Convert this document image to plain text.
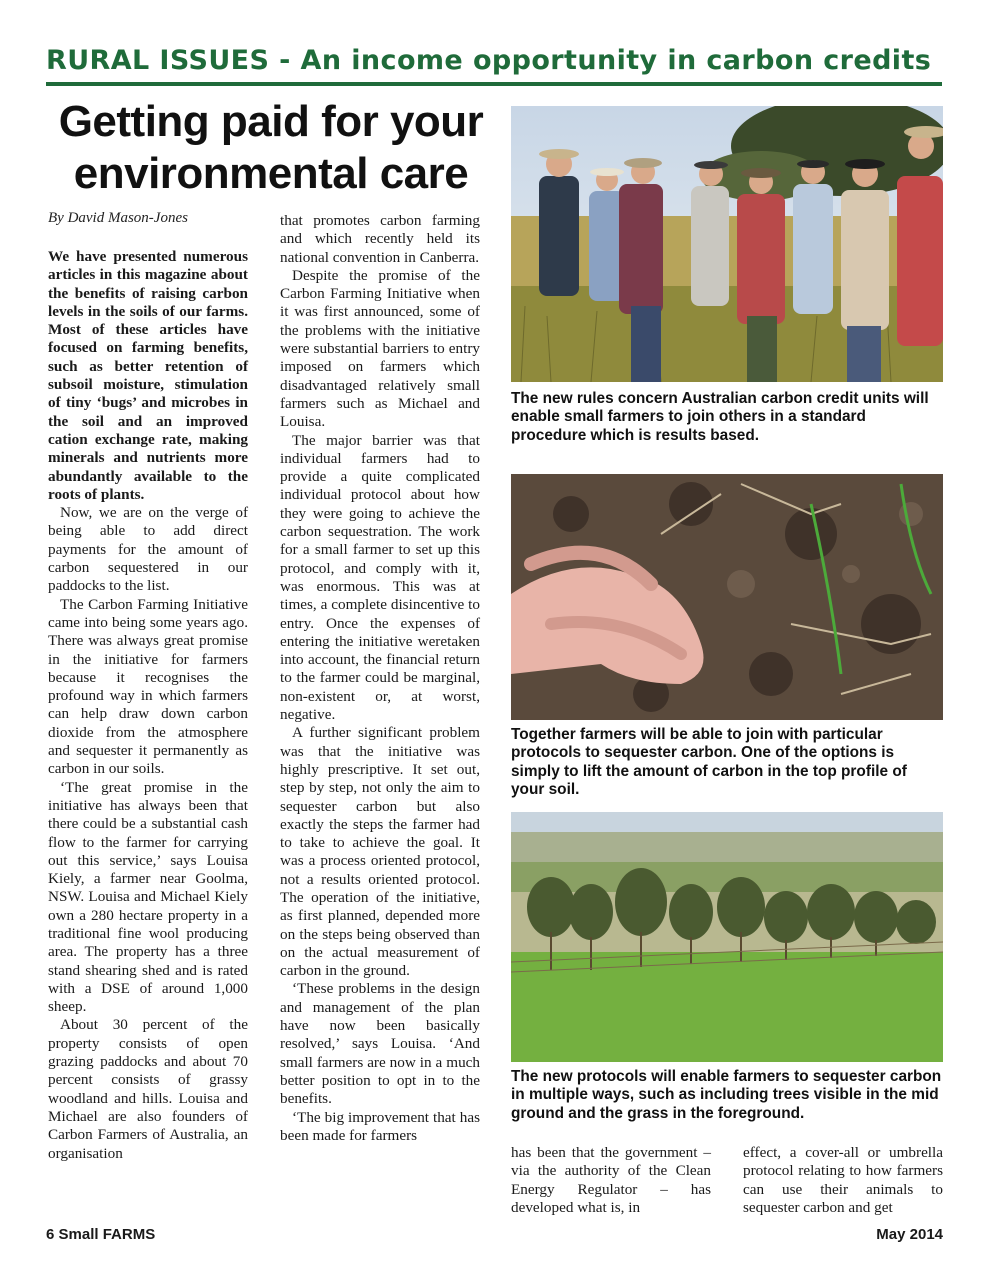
RURAL ISSUES - An income opportunity in carbon credits
Getting paid for your environmental care
By David Mason-Jones

We have presented numerous articles in this magazine about the benefits of raising carbon levels in the soils of our farms. Most of these articles have focused on farming benefits, such as better retention of subsoil moisture, stimulation of tiny ‘bugs’ and microbes in the soil and an improved cation exchange rate, making minerals and nutrients more abundantly available to the roots of plants.

Now, we are on the verge of being able to add direct payments for the amount of carbon sequestered in our paddocks to the list.

The Carbon Farming Initiative came into being some years ago. There was always great promise in the initiative for farmers because it recognises the profound way in which farmers can help draw down carbon dioxide from the atmosphere and sequester it permanently as carbon in our soils.

‘The great promise in the initiative has always been that there could be a substantial cash flow to the farmer for carrying out this service,’ says Louisa Kiely, a farmer near Goolma, NSW. Louisa and Michael Kiely own a 280 hectare property in a traditional fine wool producing area. The property has a three stand shearing shed and is rated with a DSE of around 1,000 sheep.

About 30 percent of the property consists of open grazing paddocks and about 70 percent consists of grassy woodland and hills. Louisa and Michael are also founders of Carbon Farmers of Australia, an organisation

that promotes carbon farming and which recently held its national convention in Canberra.

Despite the promise of the Carbon Farming Initiative when it was first announced, some of the problems with the initiative were substantial barriers to entry imposed on farmers which disadvantaged relatively small farmers such as Michael and Louisa.

The major barrier was that individual farmers had to provide a quite complicated individual protocol about how they were going to achieve the carbon sequestration. The work for a small farmer to set up this protocol, and comply with it, was enormous. This was at times, a complete disincentive to entry. Once the expenses of entering the initiative weretaken into account, the financial return to the farmer could be marginal, non-existent or, at worst, negative.

A further significant problem was that the initiative was highly prescriptive. It set out, step by step, not only the aim to sequester carbon but also exactly the steps the farmer had to take to achieve the goal. It was a process oriented protocol, not a results oriented protocol. The operation of the initiative, as first planned, depended more on the steps being observed than on the actual measurement of carbon in the ground.

‘These problems in the design and management of the plan have now been basically resolved,’ says Louisa. ‘And small farmers are now in a much better position to opt in to the benefits.

‘The big improvement that has been made for farmers

The new rules concern Australian carbon credit units will enable small farmers to join others in a standard procedure which is results based.
Together farmers will be able to join with particular protocols to sequester carbon. One of the options is simply to lift the amount of carbon in the top profile of your soil.
The new protocols will enable farmers to sequester carbon in multiple ways, such as including trees visible in the mid ground and the grass in the foreground.

has been that the government – via the authority of the Clean Energy Regulator – has developed what is, in

effect, a cover-all or umbrella protocol relating to how farmers can use their animals to sequester carbon and get

6 Small FARMS	May 2014
